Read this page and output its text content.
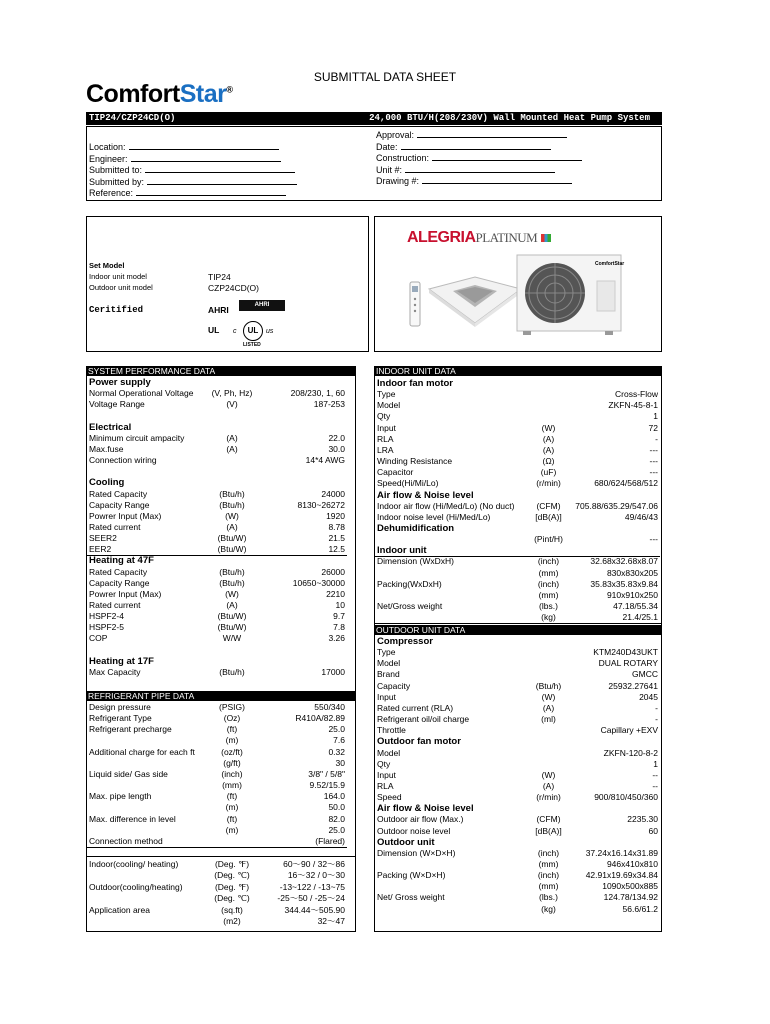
SUBMITTAL DATA SHEET
ComfortStar®
TIP24/CZP24CD(O)	24,000 BTU/H(208/230V) Wall Mounted Heat Pump System
Location:
Engineer:
Submitted to:
Submitted by:
Reference:
Approval:
Date:
Construction:
Unit #:
Drawing #:
Set Model
Indoor unit model	TIP24
Outdoor unit model	CZP24CD(O)
Ceritified	AHRI	AHRI
UL c	UL	us
LISTED
ALEGRIAPLATINUM
ComfortStar
SYSTEM PERFORMANCE DATA
Power supply
Normal Operational Voltage	(V, Ph, Hz)	208/230, 1, 60
Voltage Range	(V)	187-253
Electrical
Minimum circuit ampacity	(A)	22.0
Max.fuse	(A)	30.0
Connection wiring	14*4 AWG
Cooling
Rated Capacity	(Btu/h)	24000
Capacity Range	(Btu/h)	8130~26272
Powrer Input (Max)	(W)	1920
Rated current	(A)	8.78
SEER2	(Btu/W)	21.5
EER2	(Btu/W)	12.5
Heating at 47F
Rated Capacity	(Btu/h)	26000
Capacity Range	(Btu/h)	10650~30000
Powrer Input (Max)	(W)	2210
Rated current	(A)	10
HSPF2-4	(Btu/W)	9.7
HSPF2-5	(Btu/W)	7.8
COP	W/W	3.26
Heating at 17F
Max Capacity	(Btu/h)	17000
REFRIGERANT PIPE DATA
Design pressure	(PSIG)	550/340
Refrigerant Type	(Oz)	R410A/82.89
Refrigerant precharge	(ft)	25.0
(m)	7.6
Additional charge for each ft	(oz/ft)	0.32
(g/ft)	30
Liquid side/ Gas side	(inch)	3/8" / 5/8"
(mm)	9.52/15.9
Max. pipe length	(ft)	164.0
(m)	50.0
Max. difference in level	(ft)	82.0
(m)	25.0
Connection method	(Flared)
Indoor(cooling/ heating)	(Deg. ℉)	60～90 / 32～86
(Deg. ℃)	16～32 / 0～30
Outdoor(cooling/heating)	(Deg. ℉)	-13~122 / -13~75
(Deg. ℃)	-25～50 / -25～24
Application area	(sq.ft)	344.44～505.90
(m2)	32～47
INDOOR UNIT DATA
Indoor fan motor
Type	Cross-Flow
Model	ZKFN-45-8-1
Qty	1
Input	(W)	72
RLA	(A)	-
LRA	(A)	---
Winding Resistance	(Ω)	---
Capacitor	(uF)	---
Speed(Hi/Mi/Lo)	(r/min)	680/624/568/512
Air flow & Noise level
Indoor air flow (Hi/Med/Lo) (No duct)	(CFM)	705.88/635.29/547.06
Indoor noise level (Hi/Med/Lo)	[dB(A)]	49/46/43
Dehumidification
(Pint/H)	---
Indoor unit
Dimension (WxDxH)	(inch)	32.68x32.68x8.07
(mm)	830x830x205
Packing(WxDxH)	(inch)	35.83x35.83x9.84
(mm)	910x910x250
Net/Gross weight	(lbs.)	47.18/55.34
(kg)	21.4/25.1
OUTDOOR UNIT DATA
Compressor
Type	KTM240D43UKT
Model	DUAL ROTARY
Brand	GMCC
Capacity	(Btu/h)	25932.27641
Input	(W)	2045
Rated current (RLA)	(A)	-
Refrigerant oil/oil charge	(ml)	-
Throttle	Capillary +EXV
Outdoor fan motor
Model	ZKFN-120-8-2
Qty	1
Input	(W)	--
RLA	(A)	--
Speed	(r/min)	900/810/450/360
Air flow & Noise level
Outdoor air flow (Max.)	(CFM)	2235.30
Outdoor noise level	[dB(A)]	60
Outdoor unit
Dimension (W×D×H)	(inch)	37.24x16.14x31.89
(mm)	946x410x810
Packing (W×D×H)	(inch)	42.91x19.69x34.84
(mm)	1090x500x885
Net/ Gross weight	(lbs.)	124.78/134.92
(kg)	56.6/61.2
